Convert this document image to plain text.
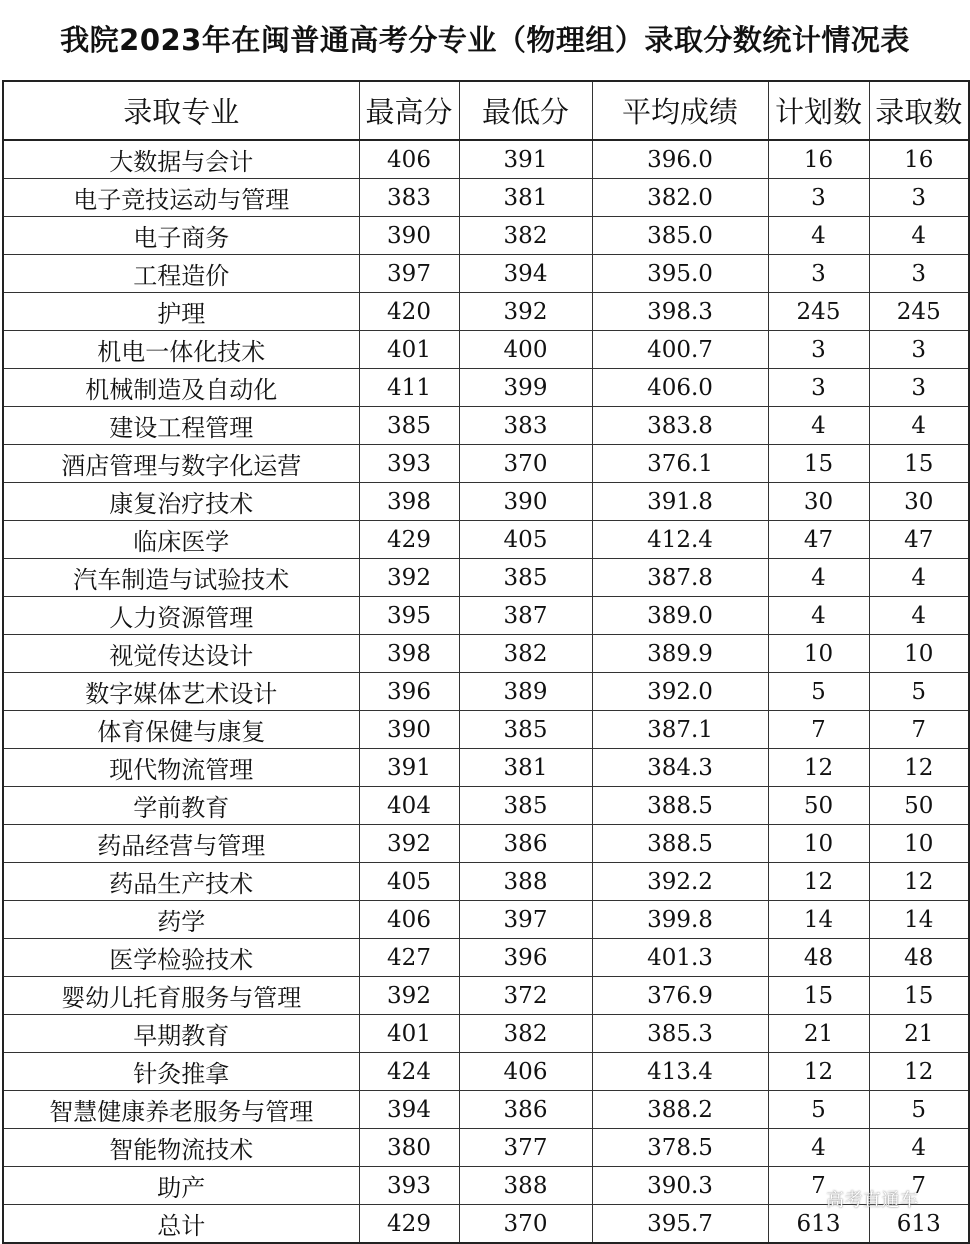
我院2023年在闽普通高考分专业（物理组）录取分数统计情况表
录取专业	最高分	最低分	平均成绩	计划数	录取数
大数据与会计	406	391	396.0	16	16
电子竞技运动与管理	383	381	382.0	3	3
电子商务	390	382	385.0	4	4
工程造价	397	394	395.0	3	3
护理	420	392	398.3	245	245
机电一体化技术	401	400	400.7	3	3
机械制造及自动化	411	399	406.0	3	3
建设工程管理	385	383	383.8	4	4
酒店管理与数字化运营	393	370	376.1	15	15
康复治疗技术	398	390	391.8	30	30
临床医学	429	405	412.4	47	47
汽车制造与试验技术	392	385	387.8	4	4
人力资源管理	395	387	389.0	4	4
视觉传达设计	398	382	389.9	10	10
数字媒体艺术设计	396	389	392.0	5	5
体育保健与康复	390	385	387.1	7	7
现代物流管理	391	381	384.3	12	12
学前教育	404	385	388.5	50	50
药品经营与管理	392	386	388.5	10	10
药品生产技术	405	388	392.2	12	12
药学	406	397	399.8	14	14
医学检验技术	427	396	401.3	48	48
婴幼儿托育服务与管理	392	372	376.9	15	15
早期教育	401	382	385.3	21	21
针灸推拿	424	406	413.4	12	12
智慧健康养老服务与管理	394	386	388.2	5	5
智能物流技术	380	377	378.5	4	4
助产	393	388	390.3	7	7
总计	429	370	395.7	613	613
高考直通车
